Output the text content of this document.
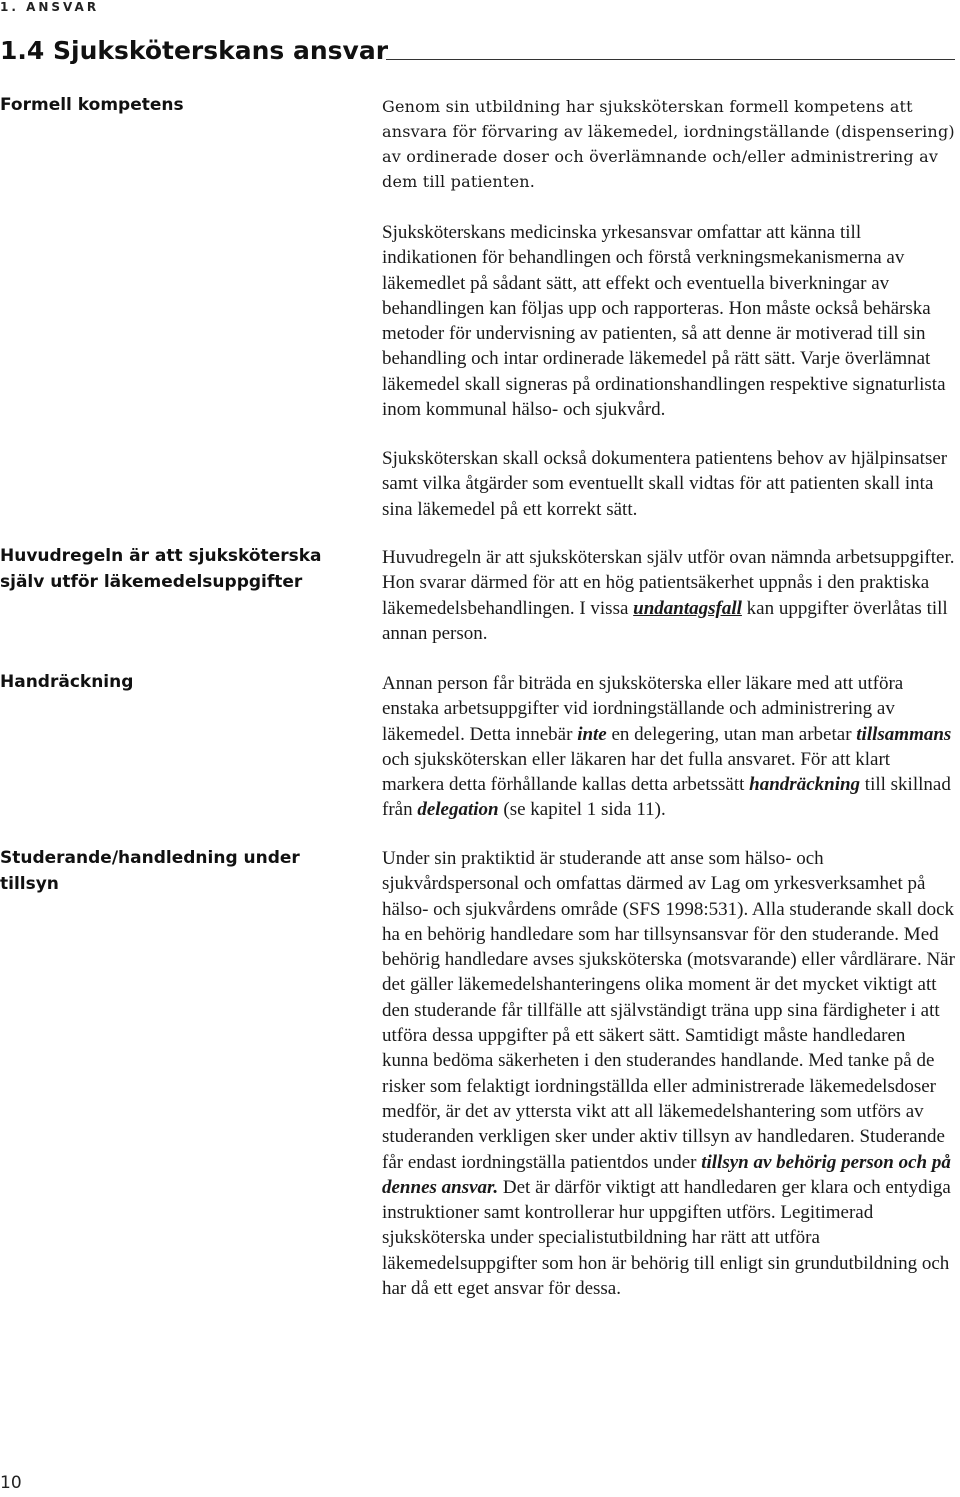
1. ANSVAR
1.4 Sjuksköterskans ansvar
Formell kompetens
Huvudregeln är att sjuksköterska själv utför läkemedelsuppgifter
Handräckning
Studerande/handledning under tillsyn

Genom sin utbildning har sjuksköterskan formell kompetens att ansvara för förvaring av läkemedel, iordningställande (dispensering) av ordinerade doser och överlämnande och/eller administrering av dem till patienten.

Sjuksköterskans medicinska yrkesansvar omfattar att känna till indikationen för behandlingen och förstå verkningsmekanismerna av läkemedlet på sådant sätt, att effekt och eventuella biverkningar av behandlingen kan följas upp och rapporteras. Hon måste också behärska metoder för undervisning av patienten, så att denne är motiverad till sin behandling och intar ordinerade läkemedel på rätt sätt. Varje överlämnat läkemedel skall signeras på ordinationshandlingen respektive signaturlista inom kommunal hälso- och sjukvård.

Sjuksköterskan skall också dokumentera patientens behov av hjälpinsatser samt vilka åtgärder som eventuellt skall vidtas för att patienten skall inta sina läkemedel på ett korrekt sätt.

Huvudregeln är att sjuksköterskan själv utför ovan nämnda arbetsuppgifter. Hon svarar därmed för att en hög patientsäkerhet uppnås i den praktiska läkemedelsbehandlingen. I vissa undantagsfall kan uppgifter överlåtas till annan person.

Annan person får biträda en sjuksköterska eller läkare med att utföra enstaka arbetsuppgifter vid iordningställande och administrering av läkemedel. Detta innebär inte en delegering, utan man arbetar tillsammans och sjuksköterskan eller läkaren har det fulla ansvaret. För att klart markera detta förhållande kallas detta arbetssätt handräckning till skillnad från delegation (se kapitel 1 sida 11).

Under sin praktiktid är studerande att anse som hälso- och sjukvårdspersonal och omfattas därmed av Lag om yrkesverksamhet på hälso- och sjukvårdens område (SFS 1998:531). Alla studerande skall dock ha en behörig handledare som har tillsynsansvar för den studerande. Med behörig handledare avses sjuksköterska (motsvarande) eller vårdlärare. När det gäller läkemedelshanteringens olika moment är det mycket viktigt att den studerande får tillfälle att självständigt träna upp sina färdigheter i att utföra dessa uppgifter på ett säkert sätt. Samtidigt måste handledaren kunna bedöma säkerheten i den studerandes handlande. Med tanke på de risker som felaktigt iordningställda eller administrerade läkemedelsdoser medför, är det av yttersta vikt att all läkemedelshantering som utförs av studeranden verkligen sker under aktiv tillsyn av handledaren. Studerande får endast iordningställa patientdos under tillsyn av behörig person och på dennes ansvar. Det är därför viktigt att handledaren ger klara och entydiga instruktioner samt kontrollerar hur uppgiften utförs. Legitimerad sjuksköterska under specialistutbildning har rätt att utföra läkemedelsuppgifter som hon är behörig till enligt sin grundutbildning och har då ett eget ansvar för dessa.

10
